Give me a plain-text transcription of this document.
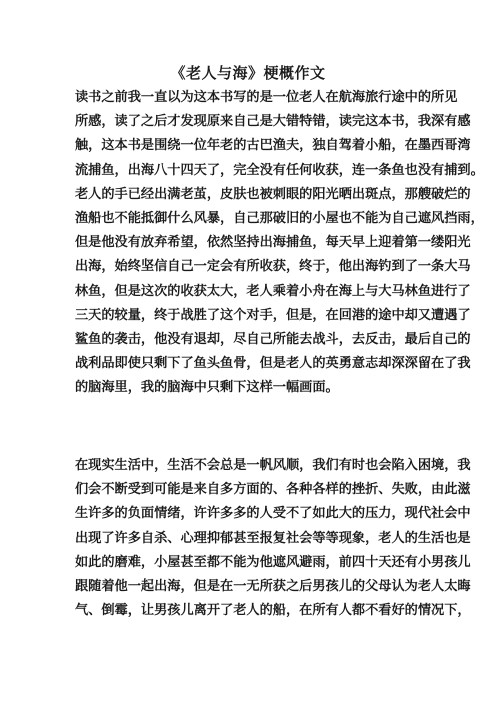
《老人与海》梗概作文
读书之前我一直以为这本书写的是一位老人在航海旅行途中的所见
所感，读了之后才发现原来自己是大错特错，读完这本书，我深有感
触，这本书是围绕一位年老的古巴渔夫，独自驾着小船，在墨西哥湾
流捕鱼，出海八十四天了，完全没有任何收获，连一条鱼也没有捕到。
老人的手已经出满老茧，皮肤也被刺眼的阳光晒出斑点，那艘破烂的
渔船也不能抵御什么风暴，自己那破旧的小屋也不能为自己遮风挡雨，
但是他没有放弃希望，依然坚持出海捕鱼，每天早上迎着第一缕阳光
出海，始终坚信自己一定会有所收获，终于，他出海钓到了一条大马
林鱼，但是这次的收获太大，老人乘着小舟在海上与大马林鱼进行了
三天的较量，终于战胜了这个对手，但是，在回港的途中却又遭遇了
鲨鱼的袭击，他没有退却，尽自己所能去战斗，去反击，最后自己的
战利品即使只剩下了鱼头鱼骨，但是老人的英勇意志却深深留在了我
的脑海里，我的脑海中只剩下这样一幅画面。
在现实生活中，生活不会总是一帆风顺，我们有时也会陷入困境，我
们会不断受到可能是来自多方面的、各种各样的挫折、失败，由此滋
生许多的负面情绪，许许多多的人受不了如此大的压力，现代社会中
出现了许多自杀、心理抑郁甚至报复社会等等现象，老人的生活也是
如此的磨难，小屋甚至都不能为他遮风避雨，前四十天还有小男孩儿
跟随着他一起出海，但是在一无所获之后男孩儿的父母认为老人太晦
气、倒霉，让男孩儿离开了老人的船，在所有人都不看好的情况下，
